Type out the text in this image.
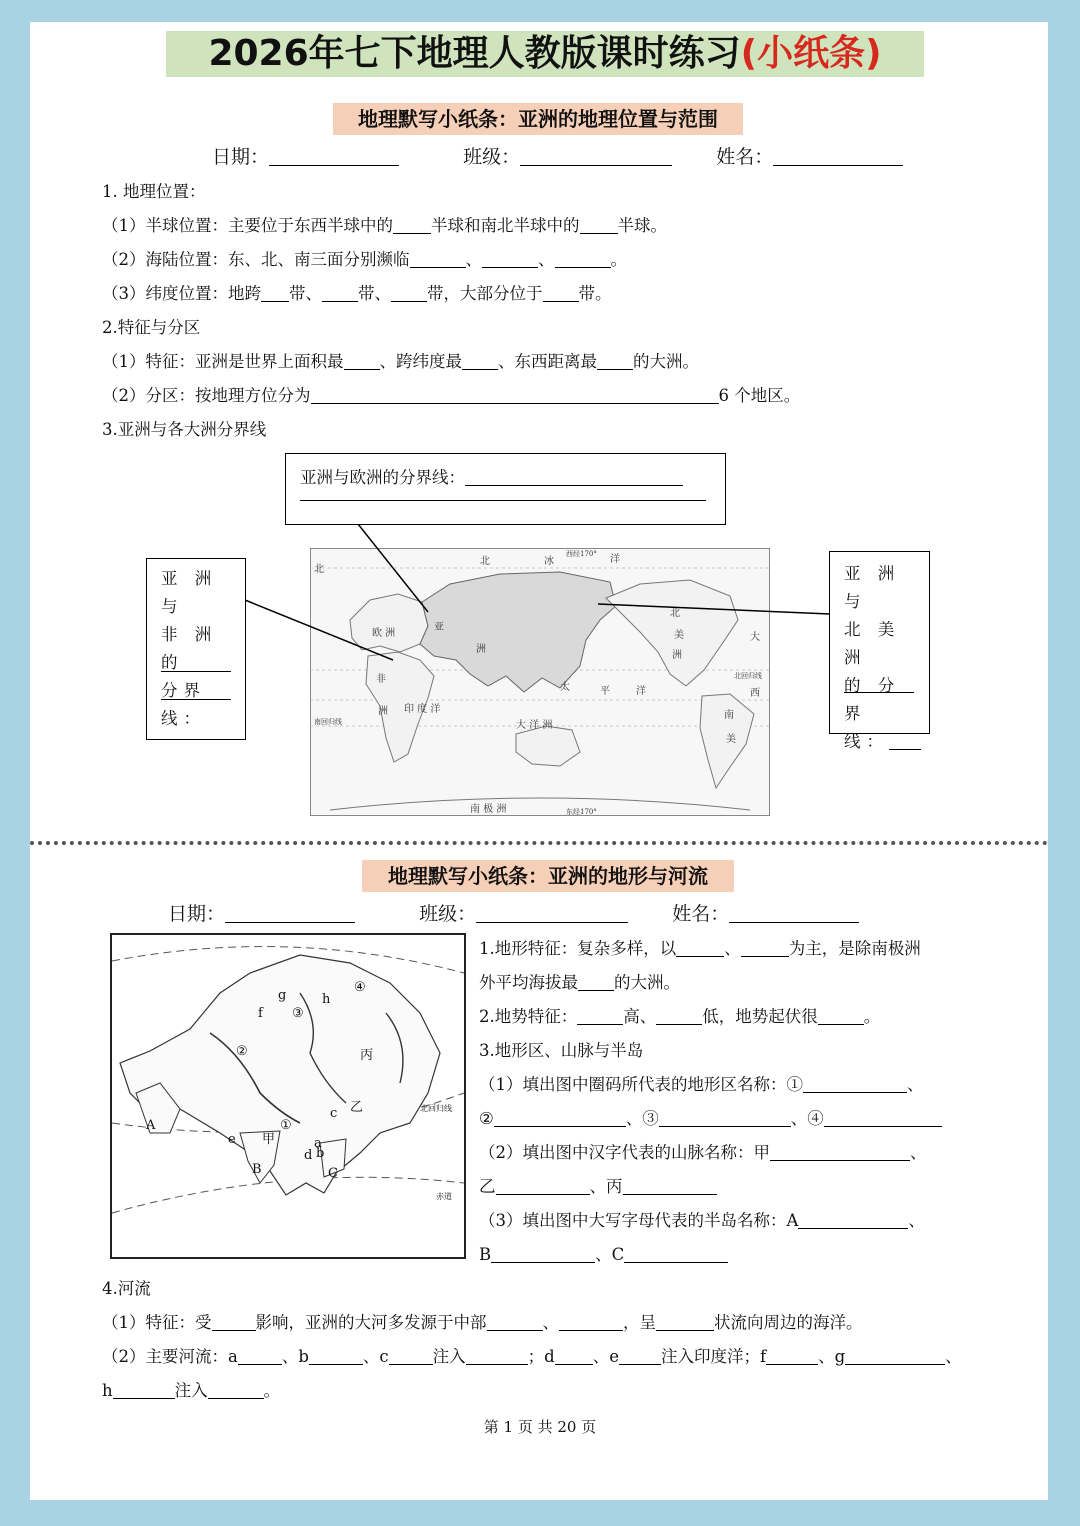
2026年七下地理人教版课时练习(小纸条)
地理默写小纸条：亚洲的地理位置与范围
日期：	班级：	姓名：
1. 地理位置：
（1）半球位置：主要位于东西半球中的 半球和南北半球中的 半球。
（2）海陆位置：东、北、南三面分别濒临	、	、	。
（3）纬度位置：地跨 带、 带、 带，大部分位于 带。
2.特征与分区
（1）特征：亚洲是世界上面积最 、跨纬度最 、东西距离最 的大洲。
（2）分区：按地理方位分为	6 个地区。
3.亚洲与各大洲分界线
北
北	冰	洋
欧 洲
亚
洲
非
洲 印 度 洋
大 洋 洲
太	平	洋
北
美
洲
南
美
大
西
南 极 洲
北回归线
南回归线
西经170°
东经170°
亚洲与欧洲的分界线：
亚 洲 与
非 洲 的
分界线：
亚 洲 与
北 美 洲
的 分 界
线：
地理默写小纸条：亚洲的地形与河流
日期：	班级：	姓名：
②
③
④
①
甲
乙
丙
A
B	C
a
b
c
d
e
f
g	h
北回归线
赤道
1.地形特征：复杂多样，以	、	为主，是除南极洲
外平均海拔最 的大洲。
2.地势特征：	高、	低，地势起伏很	。
3.地形区、山脉与半岛
（1）填出图中圈码所代表的地形区名称：①	、
②	、③	、④
（2）填出图中汉字代表的山脉名称：甲	、
乙	、丙
（3）填出图中大写字母代表的半岛名称：A	、
B	、C
4.河流
（1）特征：受	影响，亚洲的大河多发源于中部	、	，呈	状流向周边的海洋。
（2）主要河流：a	、b	、c	注入	；d 、e	注入印度洋；f	、g	、
h	注入	。
第 1 页 共 20 页
